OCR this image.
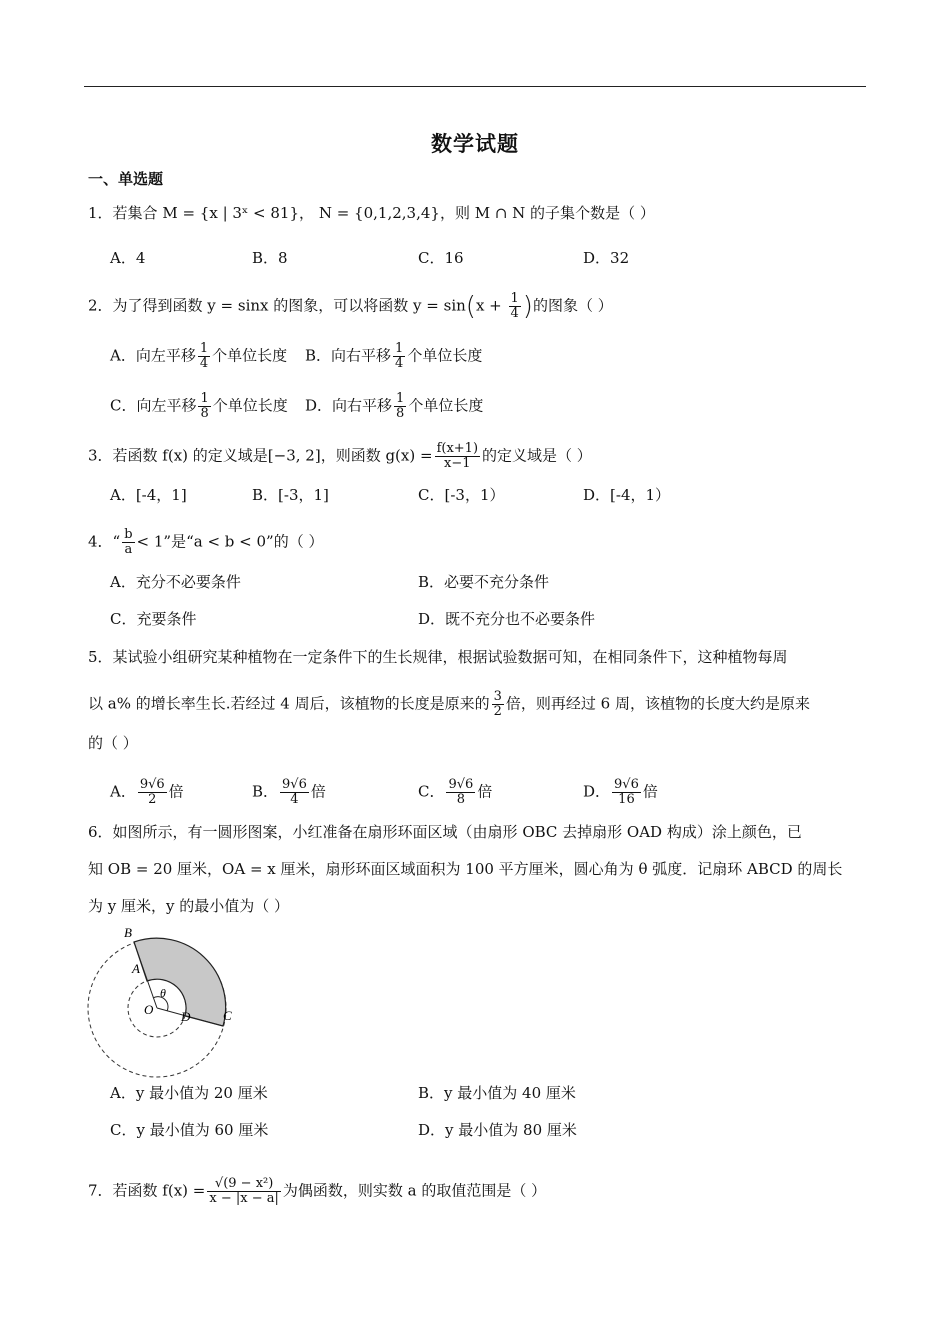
数学试题
一、单选题
1．若集合 M = {x | 3ˣ < 81}， N = {0,1,2,3,4}，则 M ∩ N 的子集个数是（ ）
A．4	B．8	C．16	D．32
2．为了得到函数 y = sinx 的图象，可以将函数 $y = \sin(x + \frac{1}{4}$ )的图象（ ）
A．向左平移 $\frac{1}{4}$ 个单位长度 B．向右平移 $\frac{1}{4}$ 个单位长度
C．向左平移 $\frac{1}{8}$ 个单位长度 D．向右平移 $\frac{1}{8}$ 个单位长度
3．若函数 f(x) 的定义域是[−3, 2]，则函数 $g(x) = \frac{f(x+1)}{x-1}$ 的定义域是（ ）
A．[-4，1]	B．[-3，1]	C．[-3，1）	D．[-4，1）
4．“ $\frac{b}{a} < 1$”是“a < b < 0”的（ ）
A．充分不必要条件	B．必要不充分条件
C．充要条件	D．既不充分也不必要条件
5．某试验小组研究某种植物在一定条件下的生长规律，根据试验数据可知，在相同条件下，这种植物每周
以 a% 的增长率生长.若经过 4 周后，该植物的长度是原来的 $\frac{3}{2}$ 倍，则再经过 6 周，该植物的长度大约是原来
的（ ）
A． $\frac{9√6}{2}$ 倍	B． $\frac{9√6}{4}$ 倍	C． $\frac{9√6}{8}$ 倍	D． $\frac{9√6}{16}$ 倍
6．如图所示，有一圆形图案，小红准备在扇形环面区域（由扇形 OBC 去掉扇形 OAD 构成）涂上颜色，已
知 OB = 20 厘米，OA = x 厘米，扇形环面区域面积为 100 平方厘米，圆心角为 θ 弧度．记扇环 ABCD 的周长
为 y 厘米，y 的最小值为（ ）
B
A
θ
O D	C
A．y 最小值为 20 厘米	B．y 最小值为 40 厘米
C．y 最小值为 60 厘米	D．y 最小值为 80 厘米
7．若函数 $f(x) = \frac{\text{√(9 − x²)}}{x - |x - a|}$ 为偶函数，则实数 a 的取值范围是（ ）
